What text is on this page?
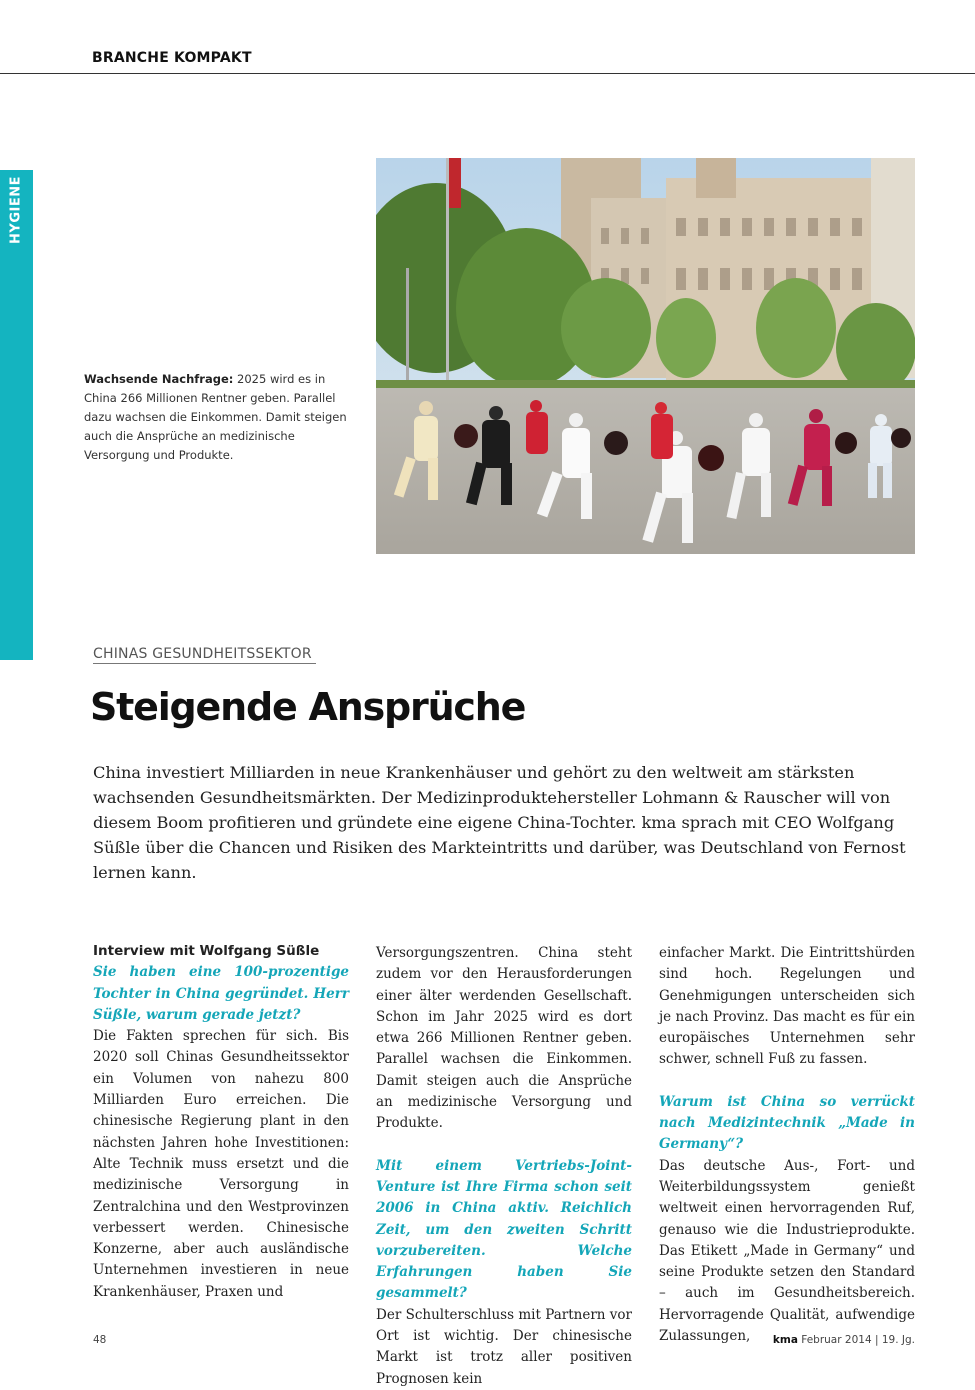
BRANCHE KOMPAKT
HYGIENE
Wachsende Nachfrage: 2025 wird es in China 266 Millionen Rentner geben. Parallel dazu wachsen die Einkommen. Damit steigen auch die Ansprüche an medizinische Versorgung und Produkte.
CHINAS GESUNDHEITSSEKTOR
Steigende Ansprüche

China investiert Milliarden in neue Krankenhäuser und gehört zu den weltweit am stärksten wachsenden Gesundheitsmärkten. Der Medizinproduktehersteller Lohmann & Rauscher will von diesem Boom profitieren und gründete eine eigene China-Tochter. kma sprach mit CEO Wolfgang Süßle über die Chancen und Risiken des Markteintritts und darüber, was Deutschland von Fernost lernen kann.

Interview mit Wolfgang Süßle

Sie haben eine 100-prozentige Tochter in China gegründet. Herr Süßle, warum gerade jetzt?

Die Fakten sprechen für sich. Bis 2020 soll Chinas Gesundheitssektor ein Volumen von nahezu 800 Milliarden Euro erreichen. Die chinesische Regierung plant in den nächsten Jahren hohe Investitionen: Alte Technik muss ersetzt und die medizinische Versorgung in Zentralchina und den Westprovinzen verbessert werden. Chinesische Konzerne, aber auch ausländische Unternehmen investieren in neue Krankenhäuser, Praxen und

Versorgungszentren. China steht zudem vor den Herausforderungen einer älter werdenden Gesellschaft. Schon im Jahr 2025 wird es dort etwa 266 Millionen Rentner geben. Parallel wachsen die Einkommen. Damit steigen auch die Ansprüche an medizinische Versorgung und Produkte.

Mit einem Vertriebs-Joint-Venture ist Ihre Firma schon seit 2006 in China aktiv. Reichlich Zeit, um den zweiten Schritt vorzubereiten. Welche Erfahrungen haben Sie gesammelt?

Der Schulterschluss mit Partnern vor Ort ist wichtig. Der chinesische Markt ist trotz aller positiven Prognosen kein

einfacher Markt. Die Eintrittshürden sind hoch. Regelungen und Genehmigungen unterscheiden sich je nach Provinz. Das macht es für ein europäisches Unternehmen sehr schwer, schnell Fuß zu fassen.

Warum ist China so verrückt nach Medizintechnik „Made in Germany“?

Das deutsche Aus-, Fort- und Weiterbildungssystem genießt weltweit einen hervorragenden Ruf, genauso wie die Industrieprodukte. Das Etikett „Made in Germany“ und seine Produkte setzen den Standard – auch im Gesundheitsbereich. Hervorragende Qualität, aufwendige Zulassungen,

48	kma Februar 2014 | 19. Jg.
